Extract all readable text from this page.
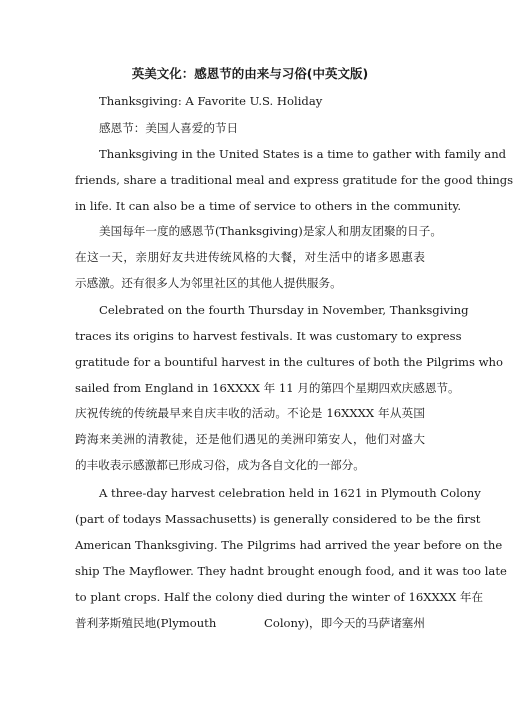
英美文化：感恩节的由来与习俗(中英文版)
Thanksgiving: A Favorite U.S. Holiday
感恩节：美国人喜爱的节日
Thanksgiving in the United States is a time to gather with family and
friends, share a traditional meal and express gratitude for the good things
in life. It can also be a time of service to others in the community.
美国每年一度的感恩节(Thanksgiving)是家人和朋友团聚的日子。
在这一天，亲朋好友共进传统风格的大餐，对生活中的诸多恩惠表
示感激。还有很多人为邻里社区的其他人提供服务。
Celebrated on the fourth Thursday in November, Thanksgiving
traces its origins to harvest festivals. It was customary to express
gratitude for a bountiful harvest in the cultures of both the Pilgrims who
sailed from England in 16XXXX 年 11 月的第四个星期四欢庆感恩节。
庆祝传统的传统最早来自庆丰收的活动。不论是 16XXXX 年从英国
跨海来美洲的清教徒，还是他们遇见的美洲印第安人，他们对盛大
的丰收表示感激都已形成习俗，成为各自文化的一部分。
A three-day harvest celebration held in 1621 in Plymouth Colony
(part of todays Massachusetts) is generally considered to be the first
American Thanksgiving. The Pilgrims had arrived the year before on the
ship The Mayflower. They hadnt brought enough food, and it was too late
to plant crops. Half the colony died during the winter of 16XXXX 年在
普利茅斯殖民地(Plymouth	Colony)，即今天的马萨诸塞州
